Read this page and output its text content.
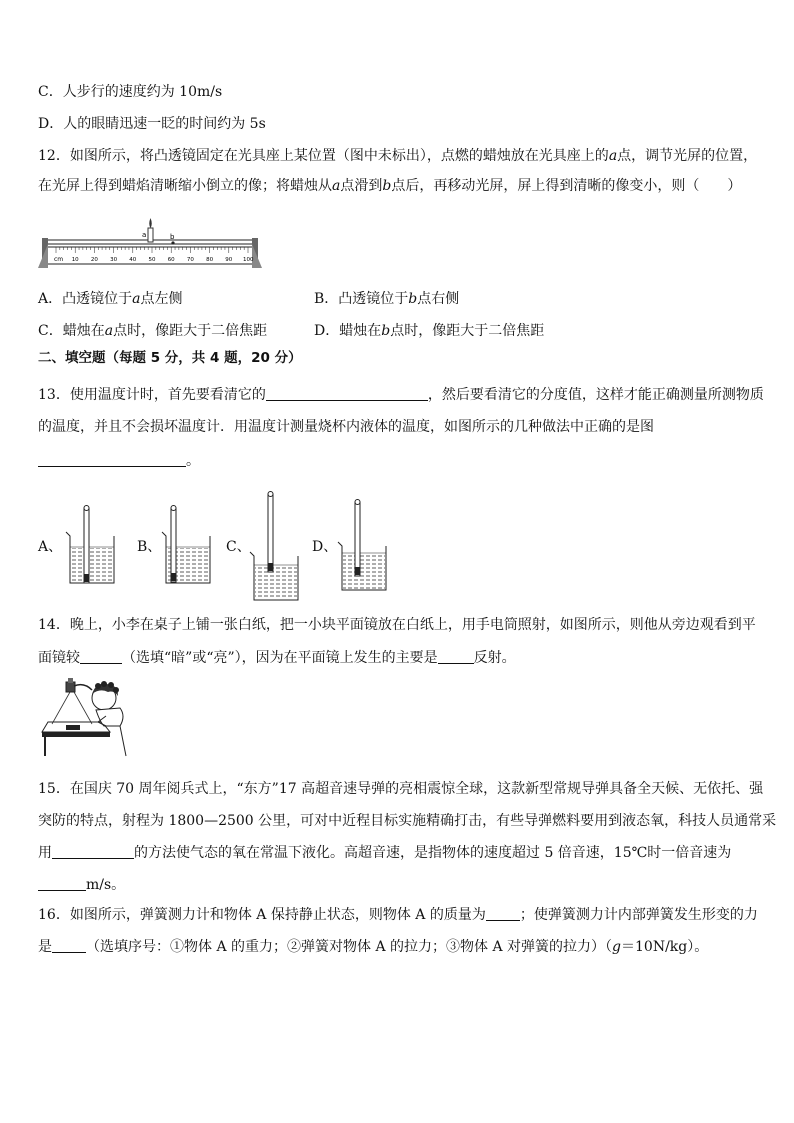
C．人步行的速度约为 10m/s
D．人的眼睛迅速一眨的时间约为 5s
12．如图所示，将凸透镜固定在光具座上某位置（图中未标出），点燃的蜡烛放在光具座上的a点，调节光屏的位置，
在光屏上得到蜡焰清晰缩小倒立的像；将蜡烛从a点滑到b点后，再移动光屏，屏上得到清晰的像变小，则（　　）
10 20 30 40 50 60 70 80 90 100
a	b
cm
A．凸透镜位于a点左侧	B．凸透镜位于b点右侧
C．蜡烛在a点时，像距大于二倍焦距	D．蜡烛在b点时，像距大于二倍焦距
二、填空题（每题 5 分，共 4 题，20 分）
13．使用温度计时，首先要看清它的	，然后要看清它的分度值，这样才能正确测量所测物质
的温度，并且不会损坏温度计．用温度计测量烧杯内液体的温度，如图所示的几种做法中正确的是图
。
A、	B、	C、	D、
14．晚上，小李在桌子上铺一张白纸，把一小块平面镜放在白纸上，用手电筒照射，如图所示，则他从旁边观看到平
面镜较	（选填“暗”或“亮”），因为在平面镜上发生的主要是	反射。
15．在国庆 70 周年阅兵式上，“东方”17 高超音速导弹的亮相震惊全球，这款新型常规导弹具备全天候、无依托、强
突防的特点，射程为 1800—2500 公里，可对中近程目标实施精确打击，有些导弹燃料要用到液态氧，科技人员通常采
用	的方法使气态的氧在常温下液化。高超音速，是指物体的速度超过 5 倍音速，15℃时一倍音速为
m/s。
16．如图所示，弹簧测力计和物体 A 保持静止状态，则物体 A 的质量为 ；使弹簧测力计内部弹簧发生形变的力
是 （选填序号：①物体 A 的重力；②弹簧对物体 A 的拉力；③物体 A 对弹簧的拉力）（g＝10N/kg）。
